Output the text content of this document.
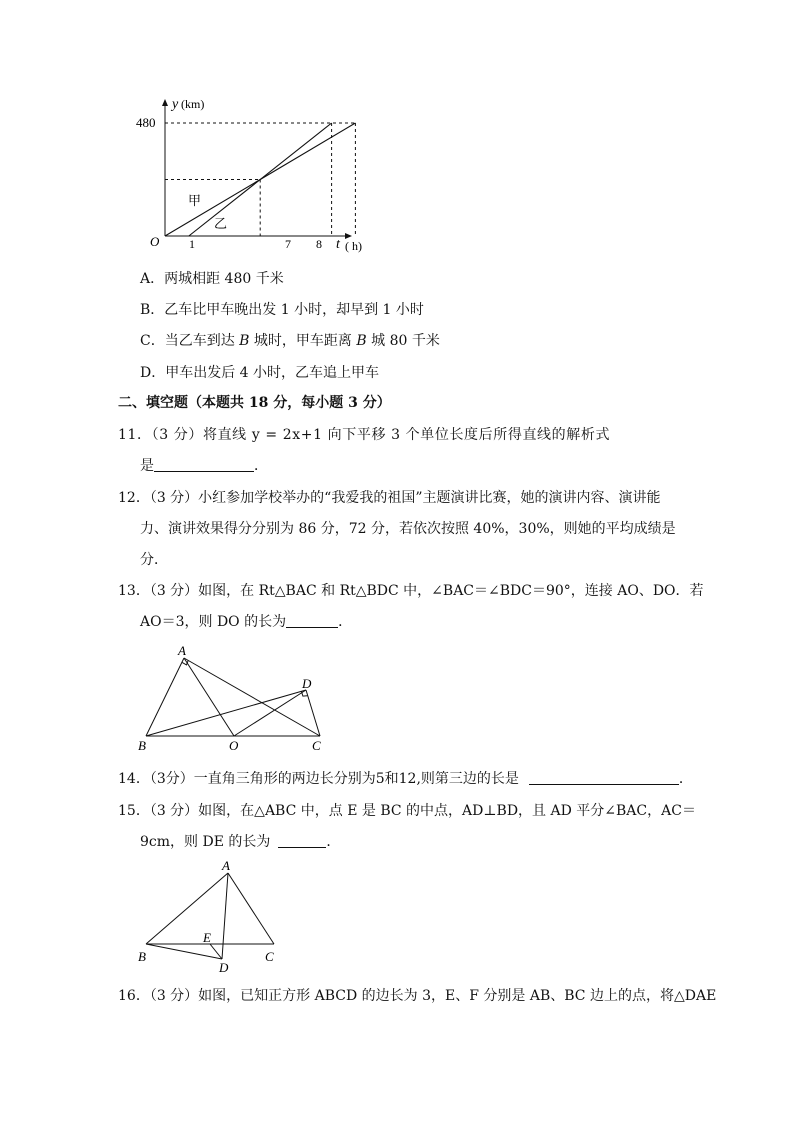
y (km)
t ( h)
O
480
1	7 8
甲
乙
A．两城相距 480 千米
B．乙车比甲车晚出发 1 小时，却早到 1 小时
C．当乙车到达 B 城时，甲车距离 B 城 80 千米
D．甲车出发后 4 小时，乙车追上甲车
二、填空题（本题共 18 分，每小题 3 分）
11．（3 分）将直线 y = 2x+1 向下平移 3 个单位长度后所得直线的解析式
是	．
12．（3 分）小红参加学校举办的“我爱我的祖国”主题演讲比赛，她的演讲内容、演讲能
力、演讲效果得分分别为 86 分，72 分，若依次按照 40%，30%，则她的平均成绩是
分．
13．（3 分）如图，在 Rt△BAC 和 Rt△BDC 中，∠BAC＝∠BDC＝90°，连接 AO、DO．若
AO＝3，则 DO 的长为	．
A
B	O	C
D
14．（3分）一直角三角形的两边长分别为5和12,则第三边的长是	．
15．（3 分）如图，在△ABC 中，点 E 是 BC 的中点，AD⊥BD，且 AD 平分∠BAC，AC＝
9cm，则 DE 的长为	．
A
B	C
D
E
16．（3 分）如图，已知正方形 ABCD 的边长为 3，E、F 分别是 AB、BC 边上的点，将△DAE
